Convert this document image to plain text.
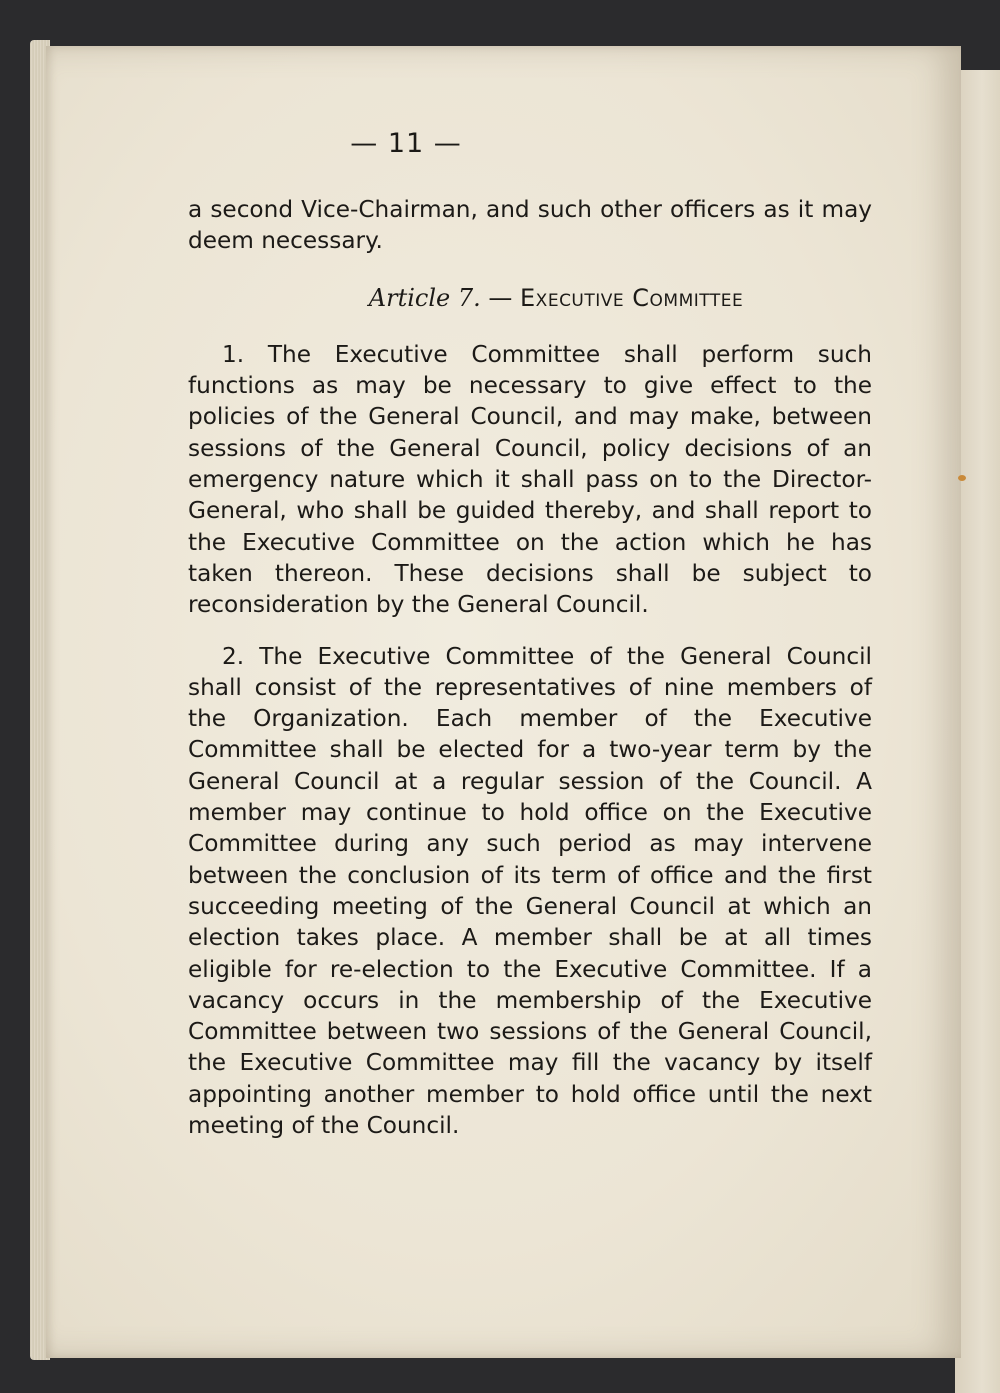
— 11 —

a second Vice-Chairman, and such other officers as it may deem necessary.

Article 7. — Executive Committee

1. The Executive Committee shall perform such functions as may be necessary to give effect to the policies of the General Council, and may make, between sessions of the General Council, policy decisions of an emergency nature which it shall pass on to the Director-General, who shall be guided thereby, and shall report to the Executive Committee on the action which he has taken thereon. These decisions shall be subject to reconsideration by the General Council.

2. The Executive Committee of the General Council shall consist of the representatives of nine members of the Organization. Each member of the Executive Committee shall be elected for a two-year term by the General Council at a regular session of the Council. A member may continue to hold office on the Executive Committee during any such period as may intervene between the conclusion of its term of office and the first succeeding meeting of the General Council at which an election takes place. A member shall be at all times eligible for re-election to the Executive Committee. If a vacancy occurs in the membership of the Executive Committee between two sessions of the General Council, the Executive Committee may fill the vacancy by itself appointing another member to hold office until the next meeting of the Council.
